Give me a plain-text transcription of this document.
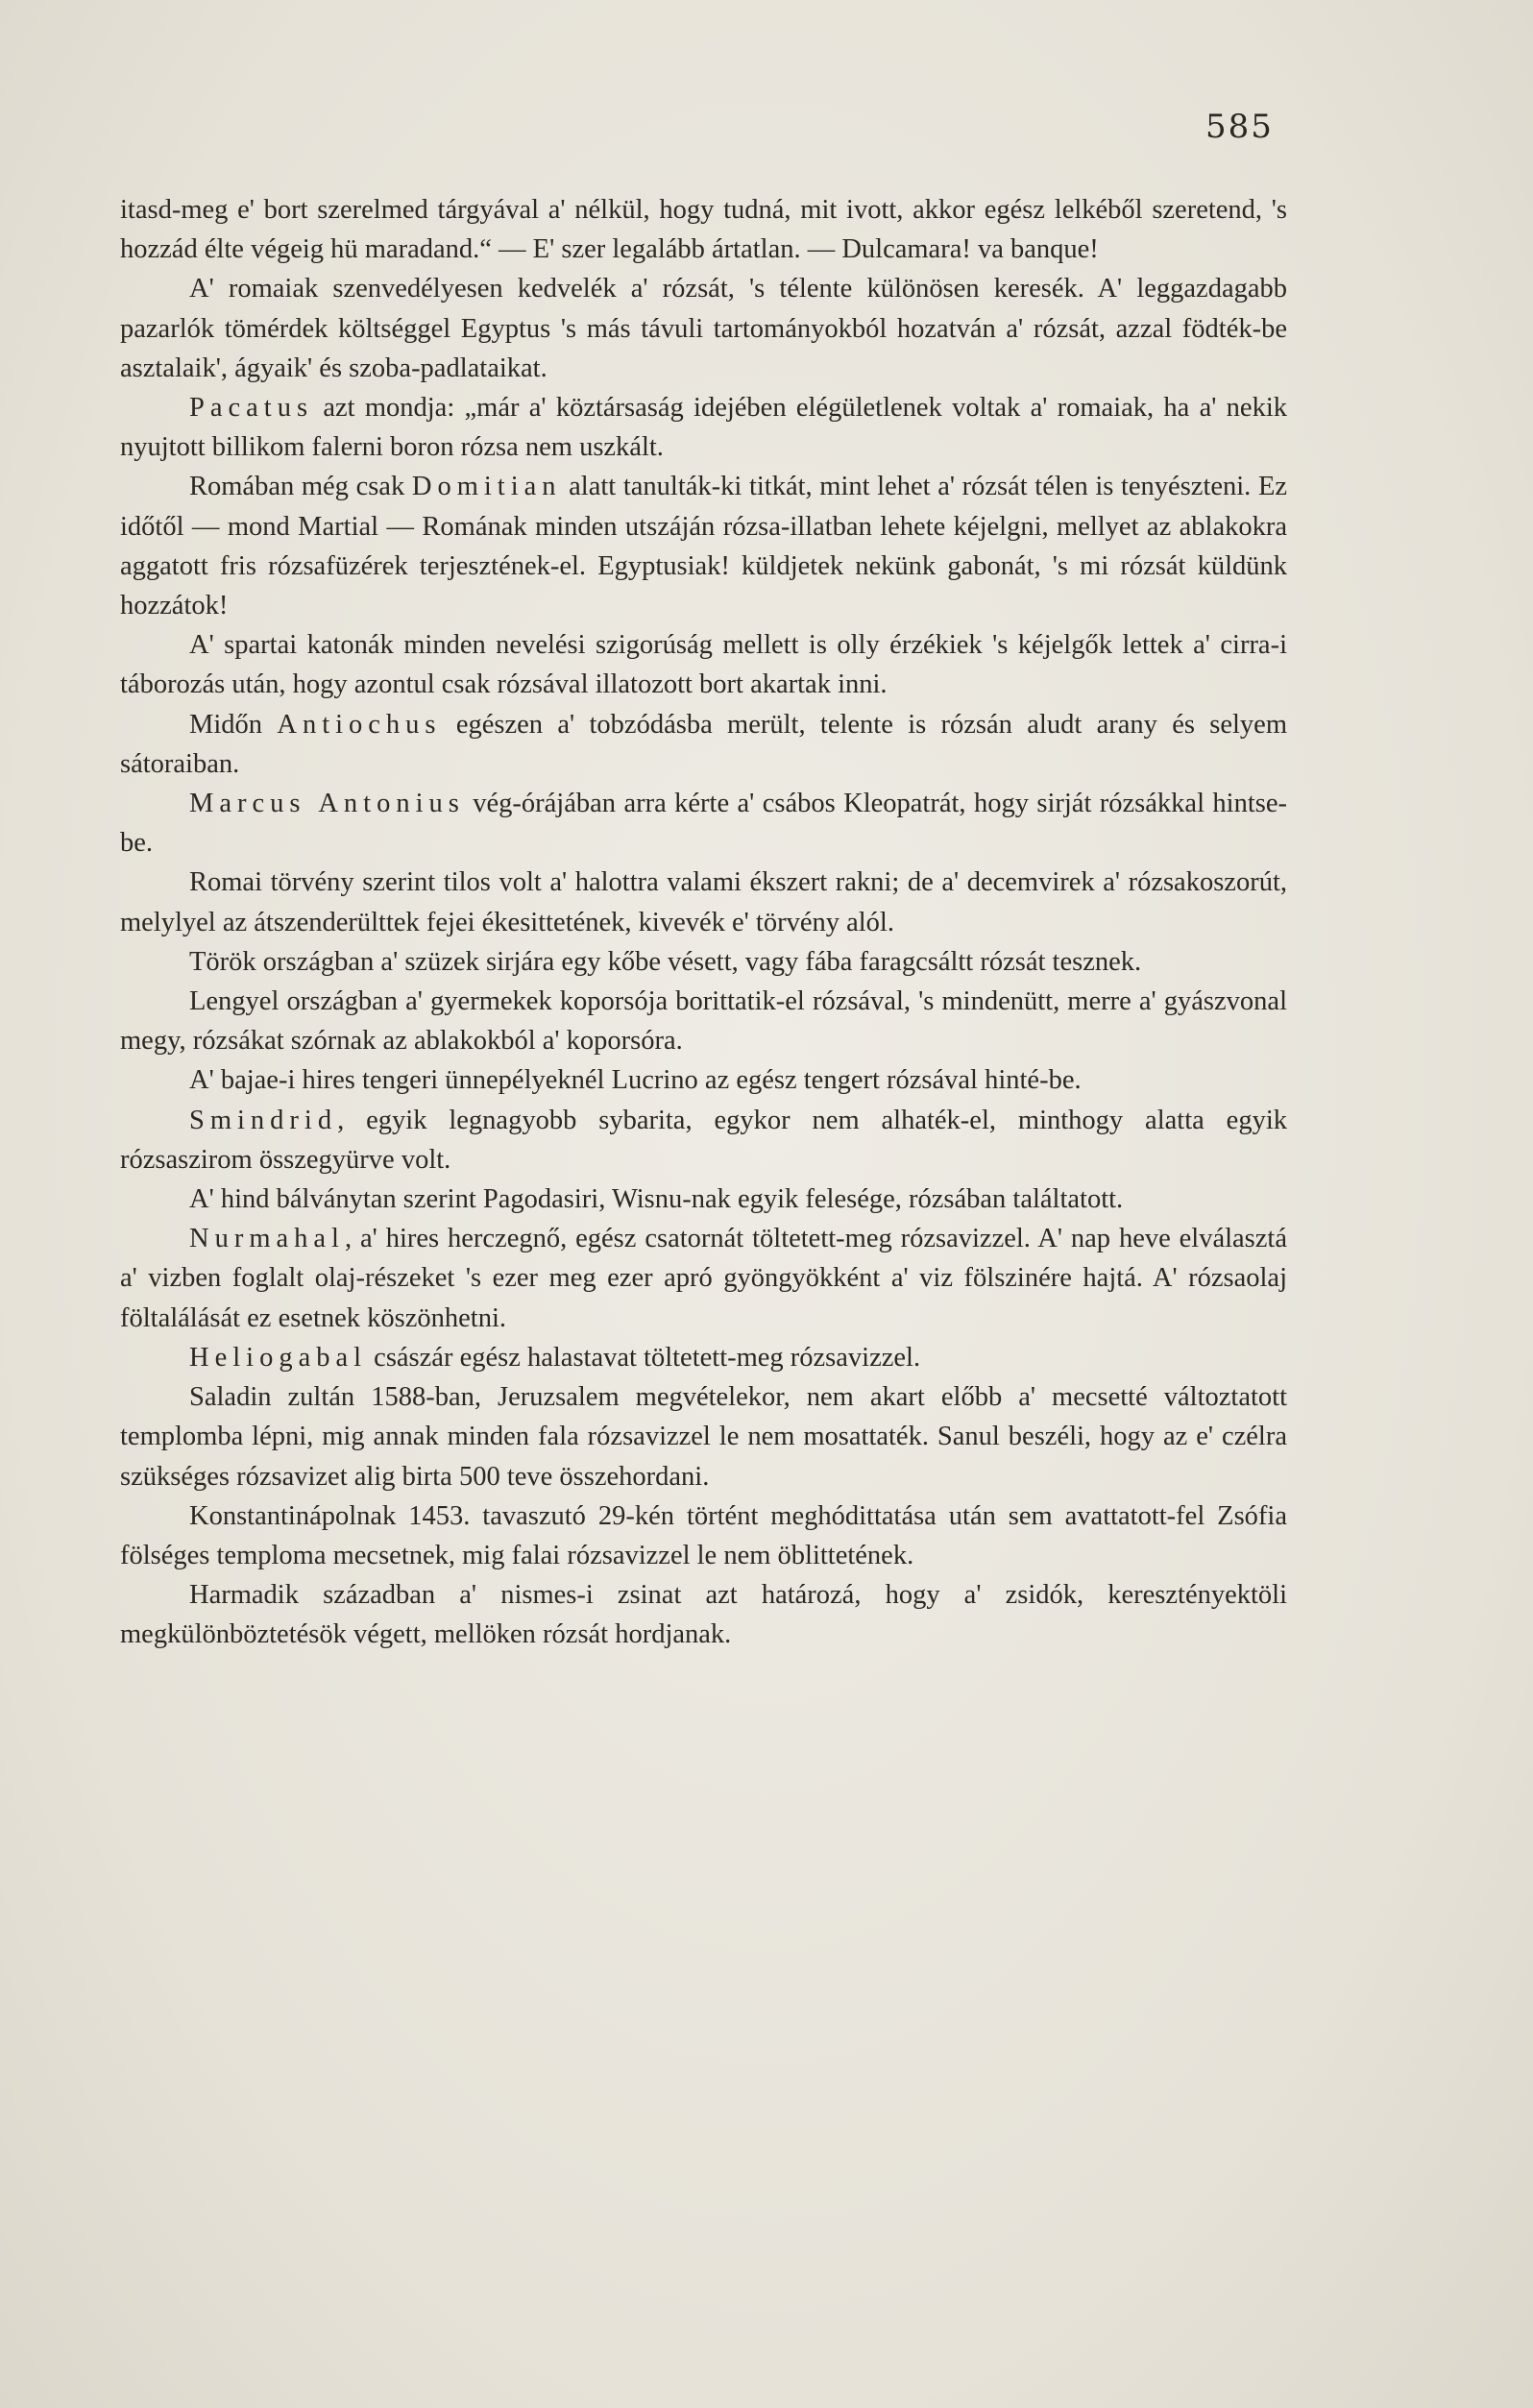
585

itasd-meg e' bort szerelmed tárgyával a' nélkül, hogy tudná, mit ivott, akkor egész lelkéből szeretend, 's hozzád élte végeig hü maradand.“ — E' szer legalább ártatlan. — Dulcamara! va banque!

A' romaiak szenvedélyesen kedvelék a' rózsát, 's télente különösen keresék. A' leggazdagabb pazarlók tömérdek költséggel Egyptus 's más távuli tartományokból hozatván a' rózsát, azzal födték-be asztalaik', ágyaik' és szoba-padlataikat.

Pacatus azt mondja: „már a' köztársaság idejében elégületlenek voltak a' romaiak, ha a' nekik nyujtott billikom falerni boron rózsa nem uszkált.

Romában még csak Domitian alatt tanulták-ki titkát, mint lehet a' rózsát télen is tenyészteni. Ez időtől — mond Martial — Romának minden utszáján rózsa-illatban lehete kéjelgni, mellyet az ablakokra aggatott fris rózsafüzérek terjesztének-el. Egyptusiak! küldjetek nekünk gabonát, 's mi rózsát küldünk hozzátok!

A' spartai katonák minden nevelési szigorúság mellett is olly érzékiek 's kéjelgők lettek a' cirra-i táborozás után, hogy azontul csak rózsával illatozott bort akartak inni.

Midőn Antiochus egészen a' tobzódásba merült, telente is rózsán aludt arany és selyem sátoraiban.

Marcus Antonius vég-órájában arra kérte a' csábos Kleopatrát, hogy sirját rózsákkal hintse-be.

Romai törvény szerint tilos volt a' halottra valami ékszert rakni; de a' decemvirek a' rózsakoszorút, melylyel az átszenderülttek fejei ékesittetének, kivevék e' törvény alól.

Török országban a' szüzek sirjára egy kőbe vésett, vagy fába faragcsáltt rózsát tesznek.

Lengyel országban a' gyermekek koporsója borittatik-el rózsával, 's mindenütt, merre a' gyászvonal megy, rózsákat szórnak az ablakokból a' koporsóra.

A' bajae-i hires tengeri ünnepélyeknél Lucrino az egész tengert rózsával hinté-be.

Smindrid, egyik legnagyobb sybarita, egykor nem alhaték-el, minthogy alatta egyik rózsaszirom összegyürve volt.

A' hind bálványtan szerint Pagodasiri, Wisnu-nak egyik felesége, rózsában találtatott.

Nurmahal, a' hires herczegnő, egész csatornát töltetett-meg rózsavizzel. A' nap heve elválasztá a' vizben foglalt olaj-részeket 's ezer meg ezer apró gyöngyökként a' viz fölszinére hajtá. A' rózsaolaj föltalálását ez esetnek köszönhetni.

Heliogabal császár egész halastavat töltetett-meg rózsavizzel.

Saladin zultán 1588-ban, Jeruzsalem megvételekor, nem akart előbb a' mecsetté változtatott templomba lépni, mig annak minden fala rózsavizzel le nem mosattaték. Sanul beszéli, hogy az e' czélra szükséges rózsavizet alig birta 500 teve összehordani.

Konstantinápolnak 1453. tavaszutó 29-kén történt meghódittatása után sem avattatott-fel Zsófia fölséges temploma mecsetnek, mig falai rózsavizzel le nem öblittetének.

Harmadik században a' nismes-i zsinat azt határozá, hogy a' zsidók, keresztényektöli megkülönböztetésök végett, mellöken rózsát hordjanak.
